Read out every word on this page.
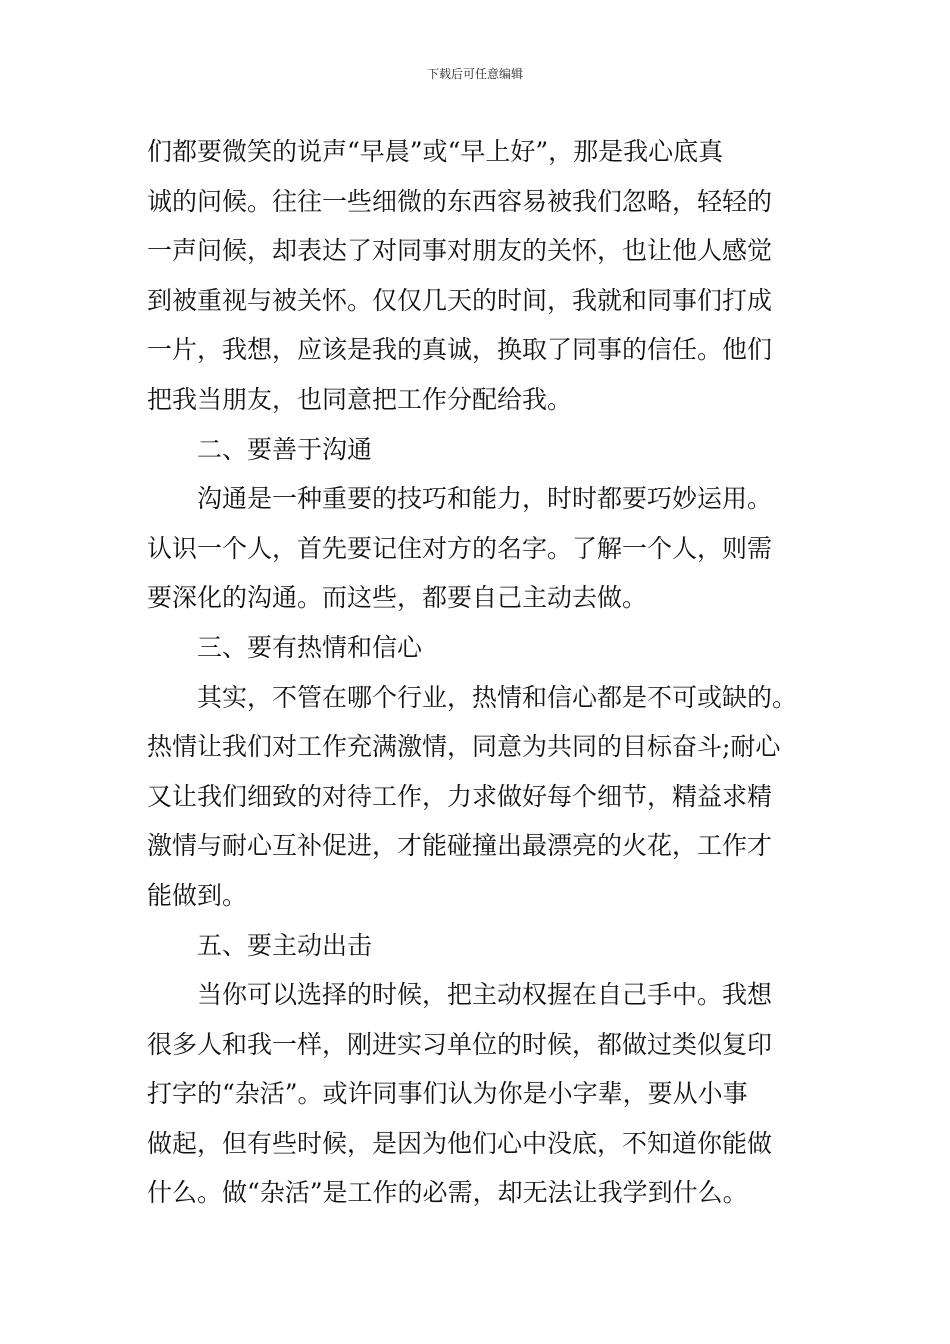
下载后可任意编辑
们都要微笑的说声“早晨”或“早上好”，那是我心底真
诚的问候。往往一些细微的东西容易被我们忽略，轻轻的
一声问候，却表达了对同事对朋友的关怀，也让他人感觉
到被重视与被关怀。仅仅几天的时间，我就和同事们打成
一片，我想，应该是我的真诚，换取了同事的信任。他们
把我当朋友，也同意把工作分配给我。
二、要善于沟通
沟通是一种重要的技巧和能力，时时都要巧妙运用。
认识一个人，首先要记住对方的名字。了解一个人，则需
要深化的沟通。而这些，都要自己主动去做。
三、要有热情和信心
其实，不管在哪个行业，热情和信心都是不可或缺的。
热情让我们对工作充满激情，同意为共同的目标奋斗;耐心
又让我们细致的对待工作，力求做好每个细节，精益求精
激情与耐心互补促进，才能碰撞出最漂亮的火花，工作才
能做到。
五、要主动出击
当你可以选择的时候，把主动权握在自己手中。我想
很多人和我一样，刚进实习单位的时候，都做过类似复印
打字的“杂活”。或许同事们认为你是小字辈，要从小事
做起，但有些时候，是因为他们心中没底，不知道你能做
什么。做“杂活”是工作的必需，却无法让我学到什么。
